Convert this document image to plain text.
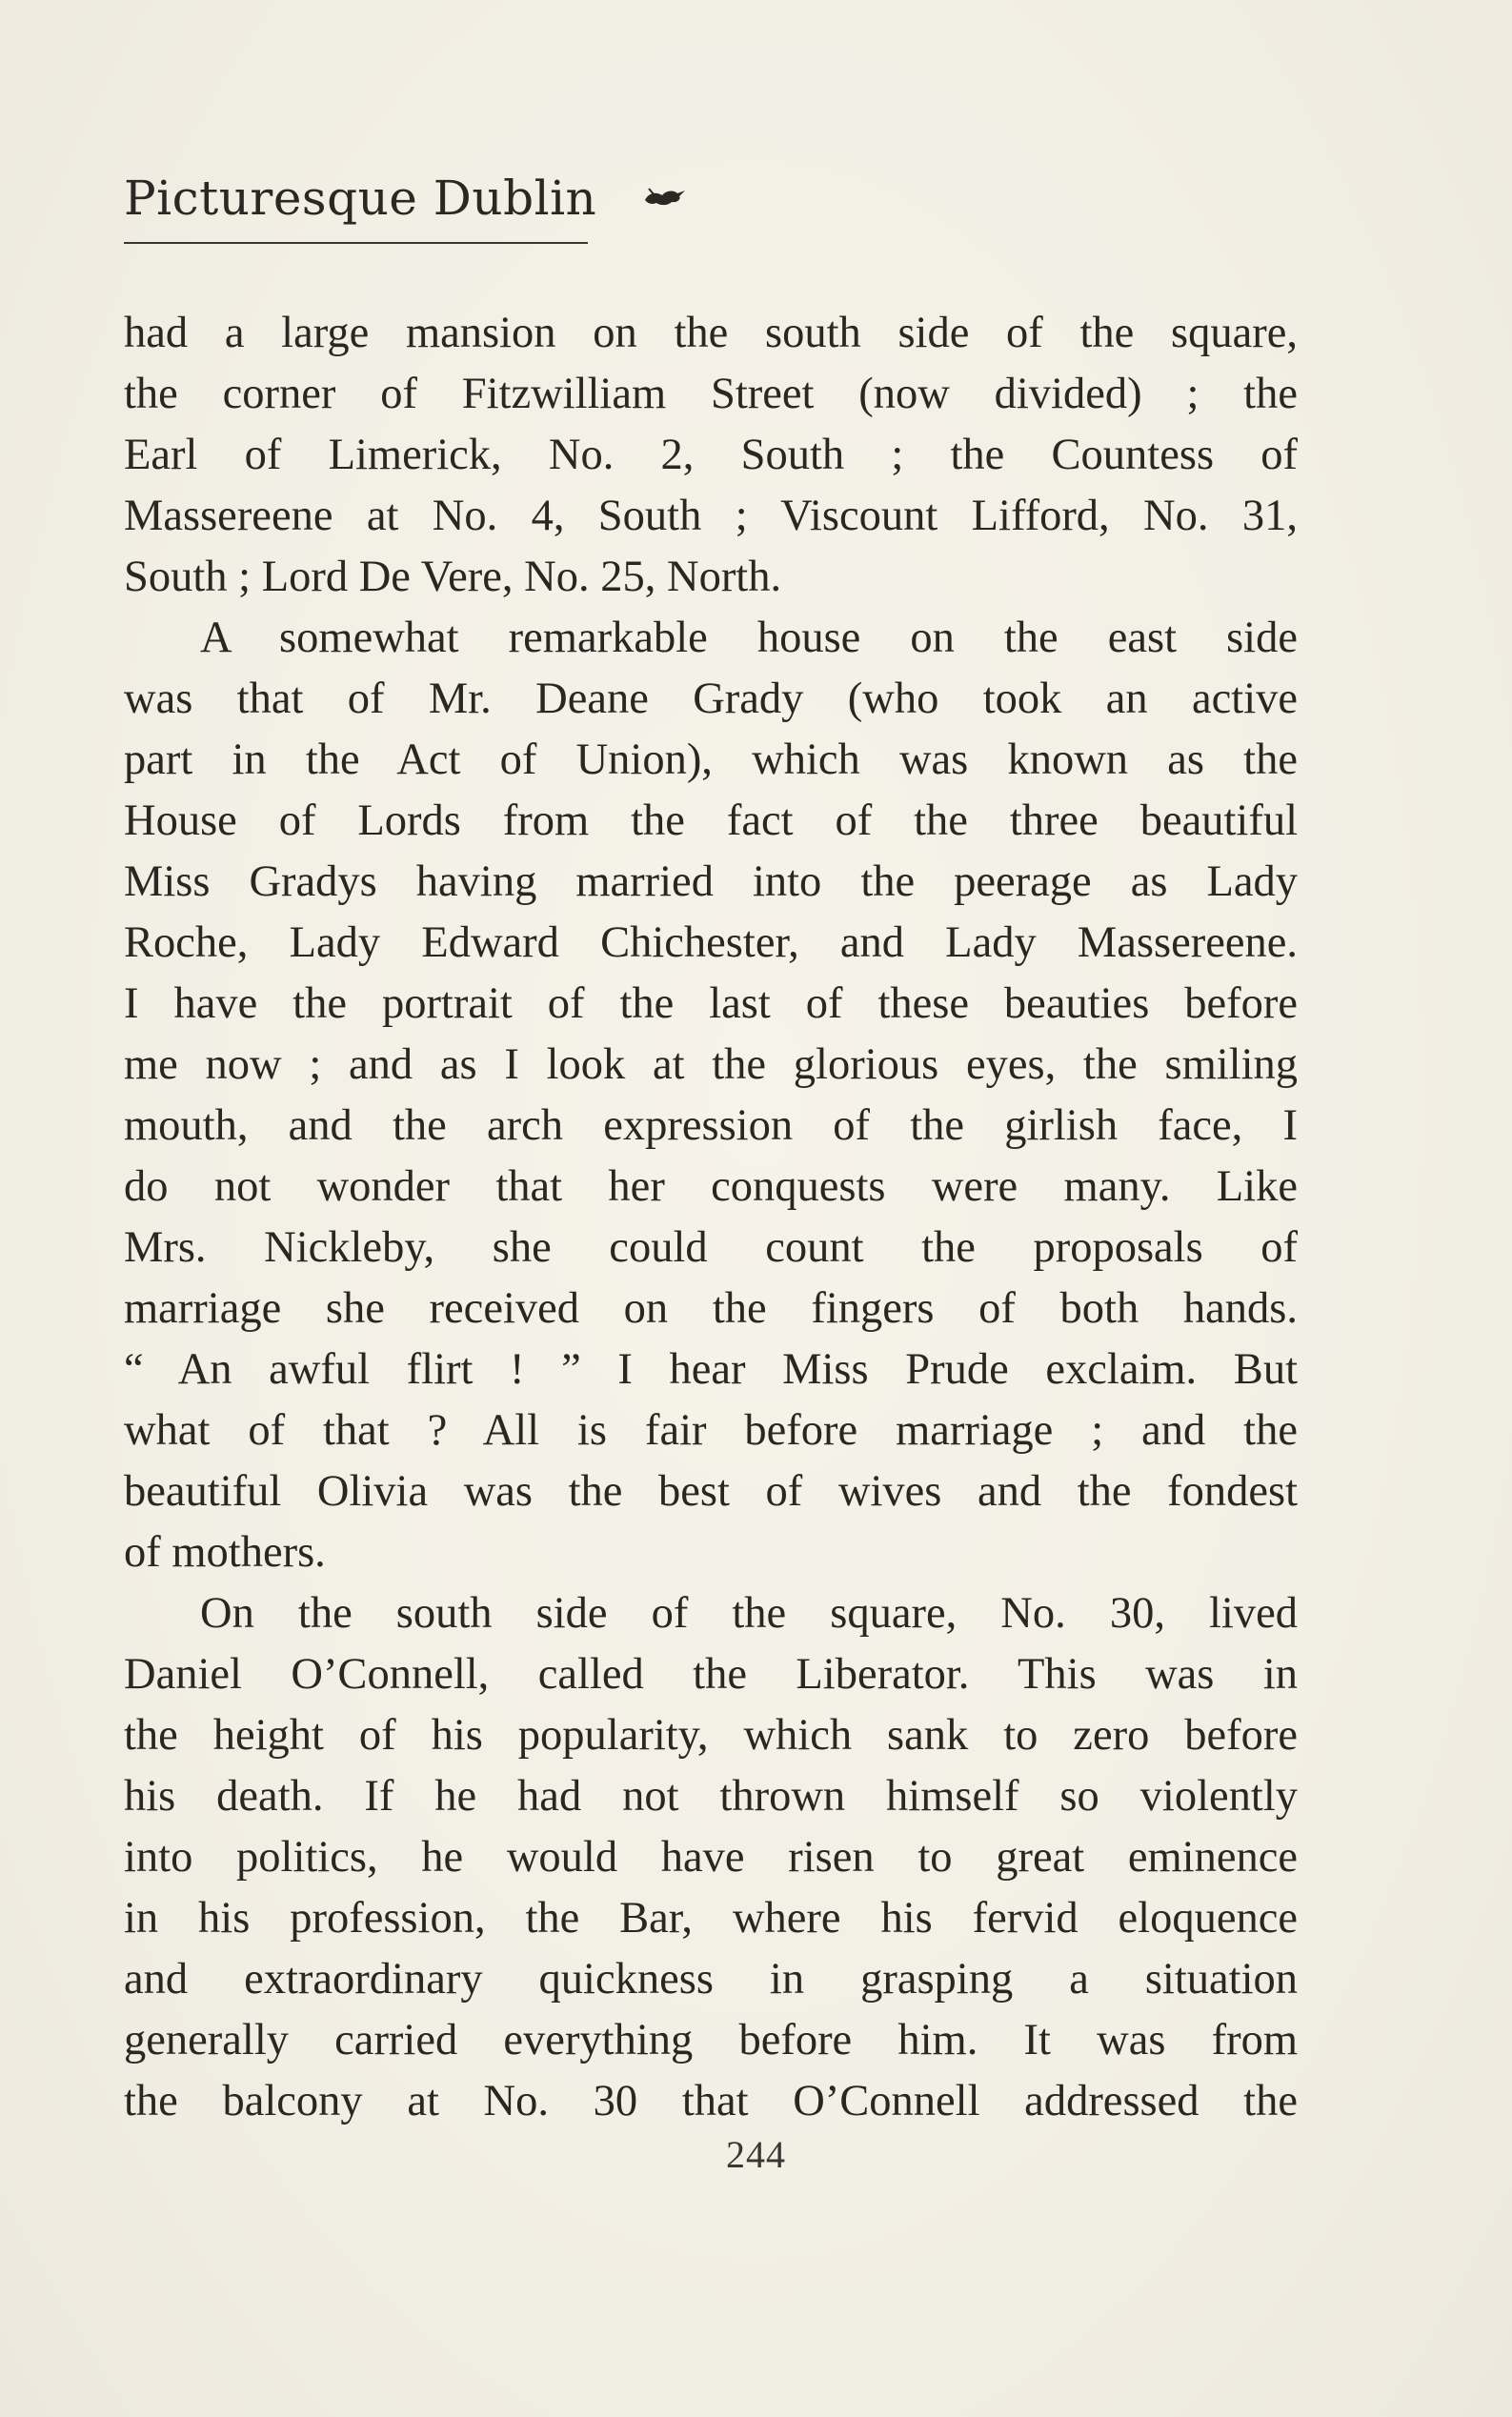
Picturesque Dublin

had a large mansion on the south side of the square,

the corner of Fitzwilliam Street (now divided) ; the

Earl of Limerick, No. 2, South ; the Countess of

Massereene at No. 4, South ; Viscount Lifford, No. 31,

South ; Lord De Vere, No. 25, North.

A somewhat remarkable house on the east side

was that of Mr. Deane Grady (who took an active

part in the Act of Union), which was known as the

House of Lords from the fact of the three beautiful

Miss Gradys having married into the peerage as Lady

Roche, Lady Edward Chichester, and Lady Massereene.

I have the portrait of the last of these beauties before

me now ; and as I look at the glorious eyes, the smiling

mouth, and the arch expression of the girlish face, I

do not wonder that her conquests were many. Like

Mrs. Nickleby, she could count the proposals of

marriage she received on the fingers of both hands.

“ An awful flirt ! ” I hear Miss Prude exclaim. But

what of that ? All is fair before marriage ; and the

beautiful Olivia was the best of wives and the fondest

of mothers.

On the south side of the square, No. 30, lived

Daniel O’Connell, called the Liberator. This was in

the height of his popularity, which sank to zero before

his death. If he had not thrown himself so violently

into politics, he would have risen to great eminence

in his profession, the Bar, where his fervid eloquence

and extraordinary quickness in grasping a situation

generally carried everything before him. It was from

the balcony at No. 30 that O’Connell addressed the

244
